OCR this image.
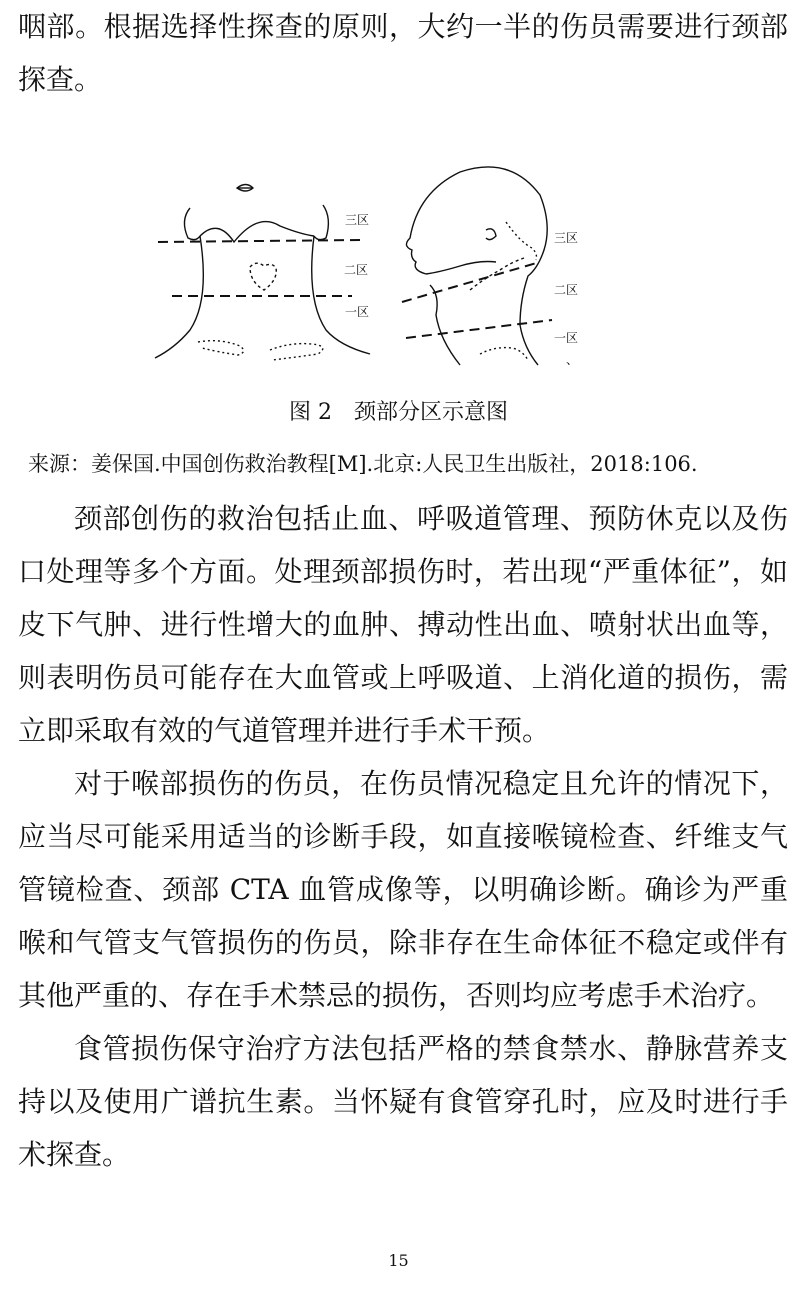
咽部。根据选择性探查的原则，大约一半的伤员需要进行颈部探查。

三区
二区
一区
三区
二区
一区
、
图 2　颈部分区示意图
来源：姜保国.中国创伤救治教程[M].北京:人民卫生出版社，2018:106.

颈部创伤的救治包括止血、呼吸道管理、预防休克以及伤口处理等多个方面。处理颈部损伤时，若出现“严重体征”，如皮下气肿、进行性增大的血肿、搏动性出血、喷射状出血等，则表明伤员可能存在大血管或上呼吸道、上消化道的损伤，需立即采取有效的气道管理并进行手术干预。

对于喉部损伤的伤员，在伤员情况稳定且允许的情况下，应当尽可能采用适当的诊断手段，如直接喉镜检查、纤维支气管镜检查、颈部 CTA 血管成像等，以明确诊断。确诊为严重喉和气管支气管损伤的伤员，除非存在生命体征不稳定或伴有其他严重的、存在手术禁忌的损伤，否则均应考虑手术治疗。

食管损伤保守治疗方法包括严格的禁食禁水、静脉营养支持以及使用广谱抗生素。当怀疑有食管穿孔时，应及时进行手术探查。

15
